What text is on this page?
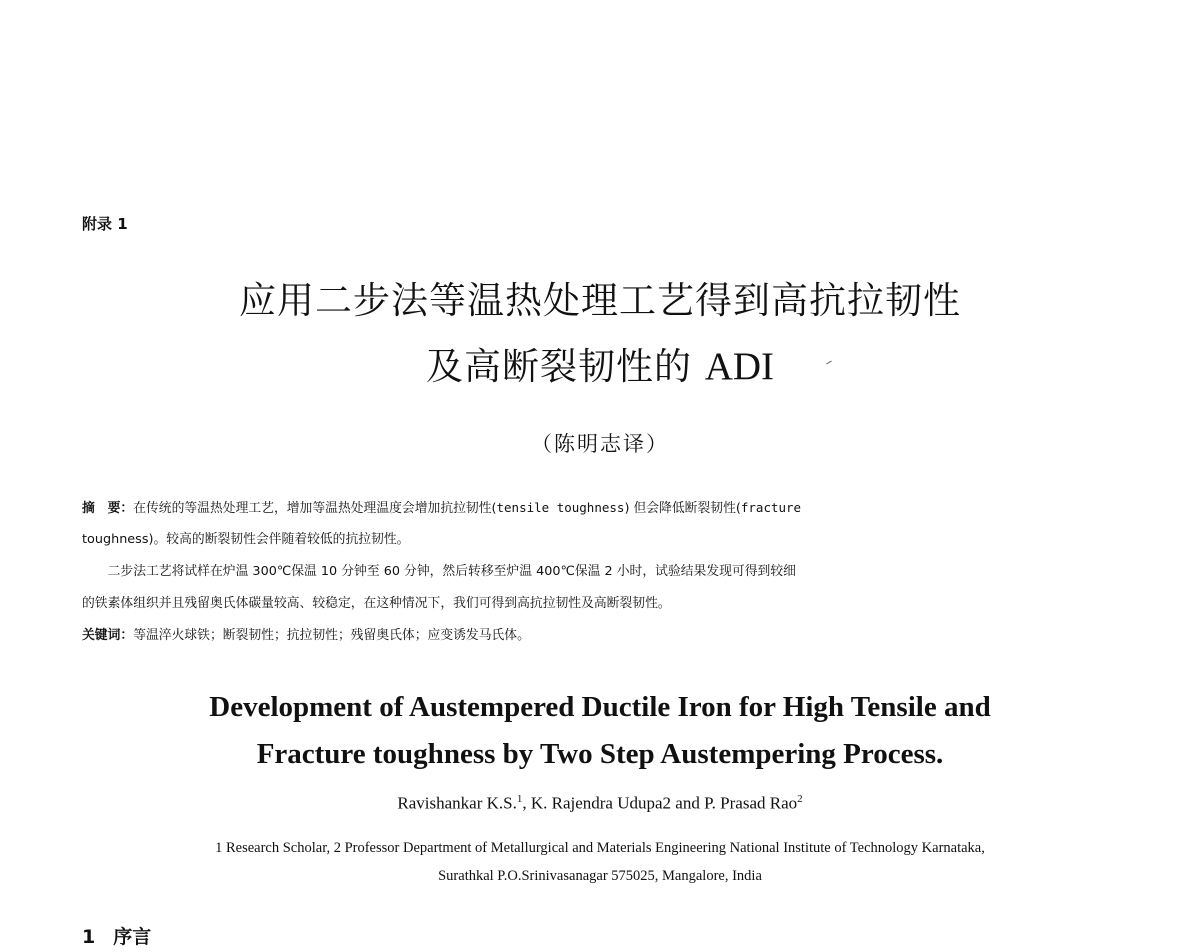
附录 1
应用二步法等温热处理工艺得到高抗拉韧性
及高断裂韧性的 ADI
（陈明志译）
摘　要：在传统的等温热处理工艺，增加等温热处理温度会增加抗拉韧性(tensile toughness) 但会降低断裂韧性(fracture
toughness)。较高的断裂韧性会伴随着较低的抗拉韧性。
　　二步法工艺将试样在炉温 300℃保温 10 分钟至 60 分钟，然后转移至炉温 400℃保温 2 小时，试验结果发现可得到较细
的铁素体组织并且残留奥氏体碳量较高、较稳定，在这种情况下，我们可得到高抗拉韧性及高断裂韧性。
关键词：等温淬火球铁；断裂韧性；抗拉韧性；残留奥氏体；应变诱发马氏体。
Development of Austempered Ductile Iron for High Tensile and
Fracture toughness by Two Step Austempering Process.
Ravishankar K.S.$^1$, K. Rajendra Udupa2 and P. Prasad Rao$^2$
1 Research Scholar, 2 Professor Department of Metallurgical and Materials Engineering National Institute of Technology Karnataka,
Surathkal P.O.Srinivasanagar 575025, Mangalore, India
1 序言
